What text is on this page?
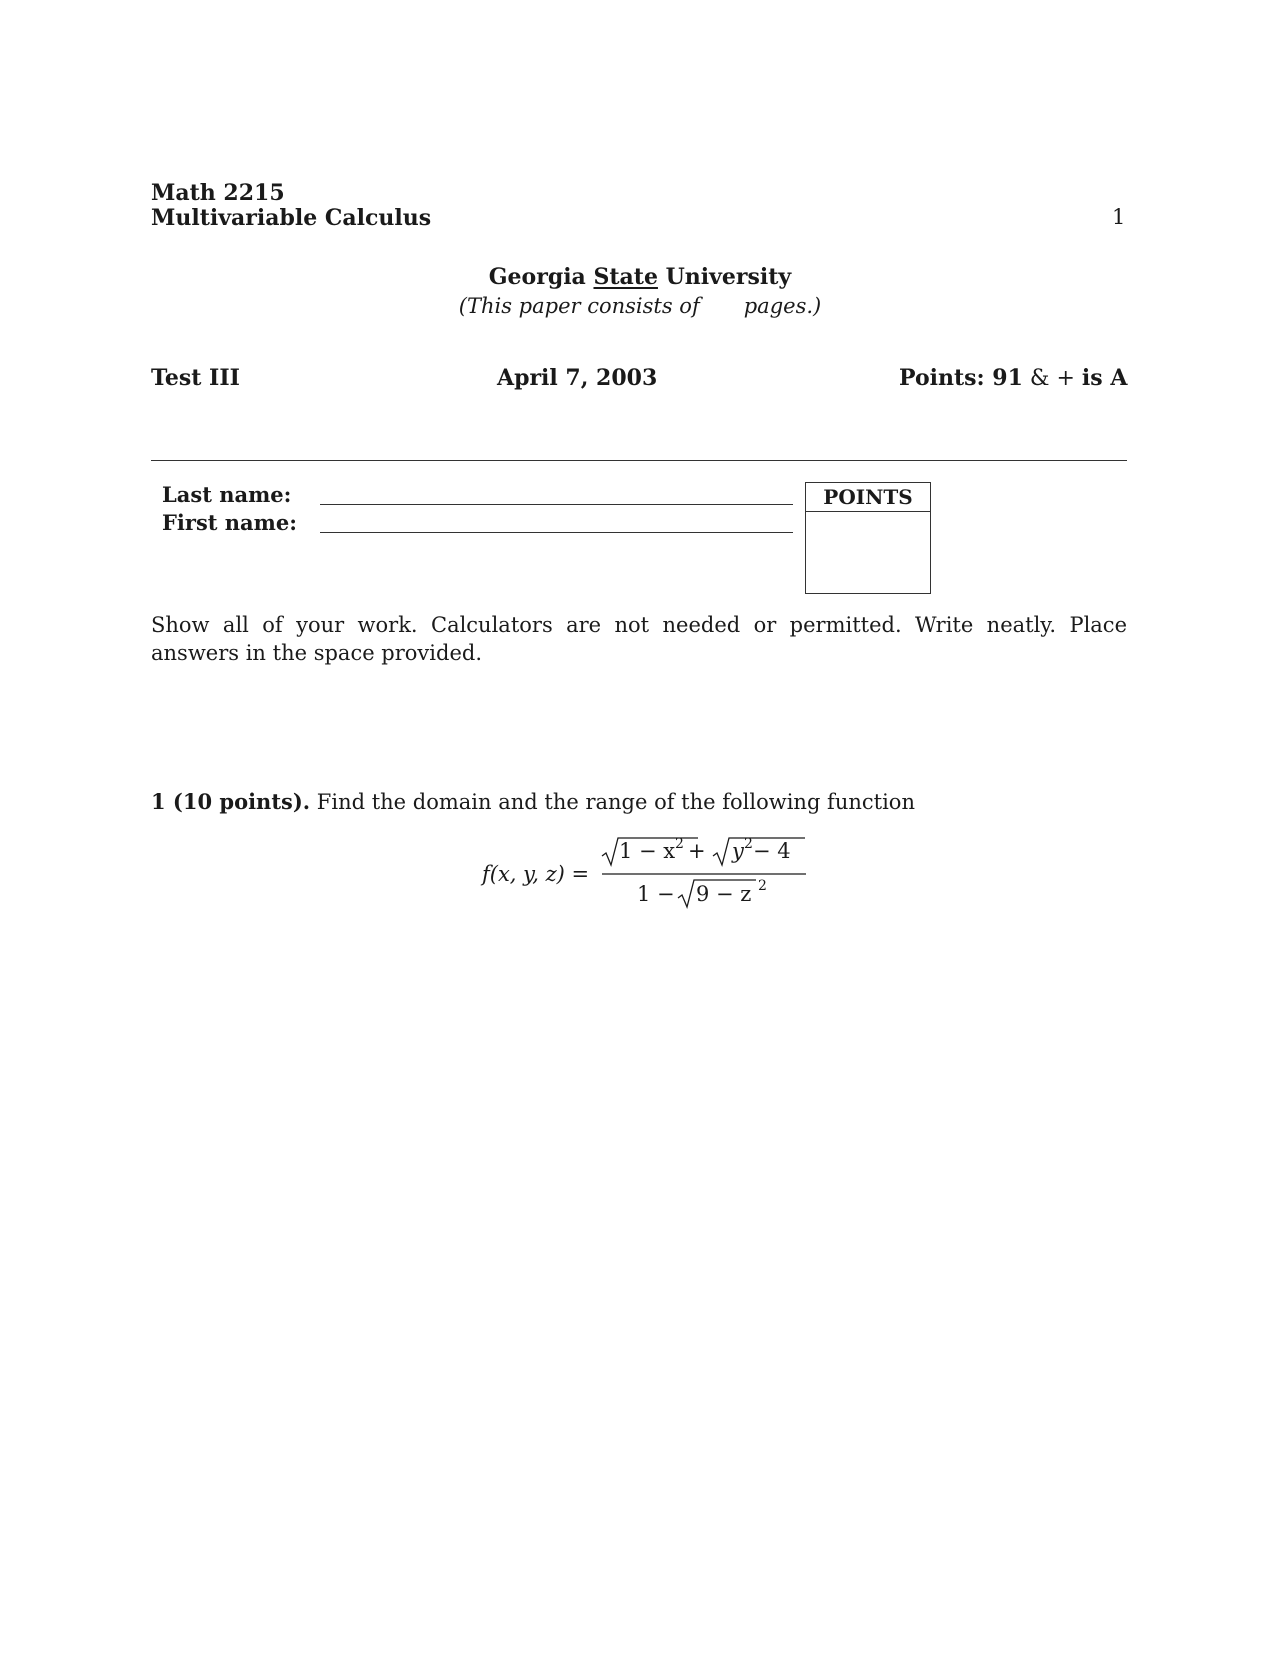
Math 2215
Multivariable Calculus	1
Georgia State University
(This paper consists of pages.)
Test III	April 7, 2003	Points: 91 & + is A
Last name:
First name:
POINTS
Show all of your work. Calculators are not needed or permitted. Write neatly. Place answers in the space provided.
1 (10 points). Find the domain and the range of the following function
f(x, y, z) =
1 − x 2 + y 2 − 4
1 − 9 − z 2
